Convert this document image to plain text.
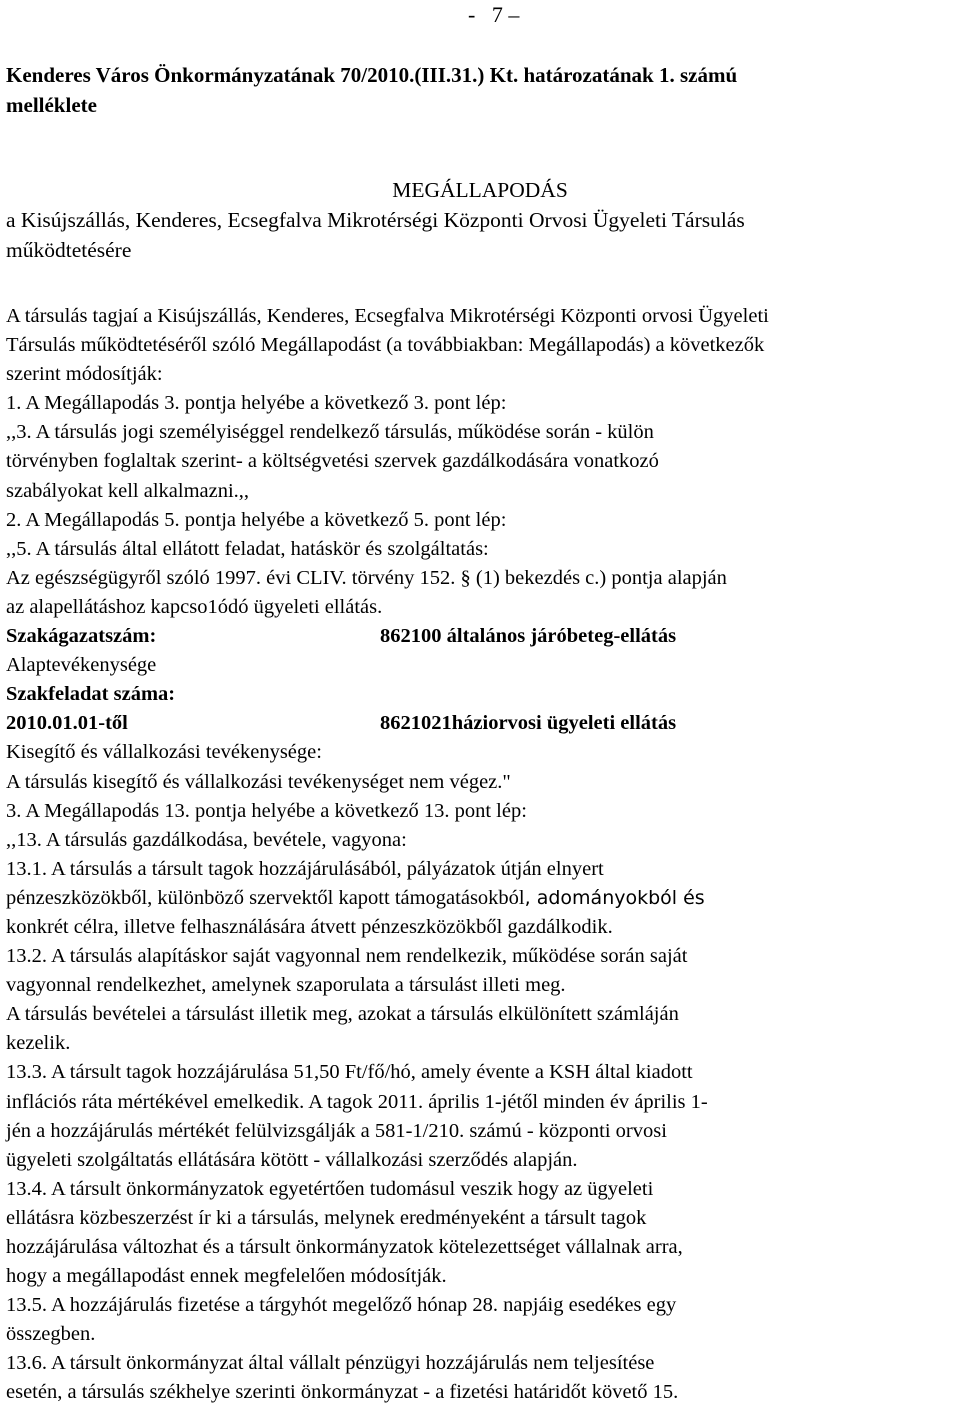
-   7 –
Kenderes Város Önkormányzatának 70/2010.(III.31.) Kt. határozatának 1. számú
melléklete
MEGÁLLAPODÁS
a Kisújszállás, Kenderes, Ecsegfalva Mikrotérségi Központi Orvosi Ügyeleti Társulás
működtetésére
A társulás tagjaí a Kisújszállás, Kenderes, Ecsegfalva Mikrotérségi Központi orvosi Ügyeleti
Társulás működtetéséről szóló Megállapodást (a továbbiakban: Megállapodás) a következők
szerint módosítják:
1. A Megállapodás 3. pontja helyébe a következő 3. pont lép:
,,3. A társulás jogi személyiséggel rendelkező társulás, működése során - külön
törvényben foglaltak szerint- a költségvetési szervek gazdálkodására vonatkozó
szabályokat kell alkalmazni.,,
2. A Megállapodás 5. pontja helyébe a következő 5. pont lép:
,,5. A társulás által ellátott feladat, hatáskör és szolgáltatás:
Az egészségügyről szóló 1997. évi CLIV. törvény 152. § (1) bekezdés c.) pontja alapján
az alapellátáshoz kapcso1ódó ügyeleti ellátás.
Szakágazatszám:	862100 általános járóbeteg-ellátás
Alaptevékenysége
Szakfeladat száma:
2010.01.01-től	8621021háziorvosi ügyeleti ellátás
Kisegítő és vállalkozási tevékenysége:
A társulás kisegítő és vállalkozási tevékenységet nem végez."
3. A Megállapodás 13. pontja helyébe a következő 13. pont lép:
,,13. A társulás gazdálkodása, bevétele, vagyona:
13.1. A társulás a társult tagok hozzájárulásából, pályázatok útján elnyert
pénzeszközökből, különböző szervektől kapott támogatásokból, adományokból és
konkrét célra, illetve felhasználására átvett pénzeszközökből gazdálkodik.
13.2. A társulás alapításkor saját vagyonnal nem rendelkezik, működése során saját
vagyonnal rendelkezhet, amelynek szaporulata a társulást illeti meg.
A társulás bevételei a társulást illetik meg, azokat a társulás elkülönített számláján
kezelik.
13.3. A társult tagok hozzájárulása 51,50 Ft/fő/hó, amely évente a KSH által kiadott
inflációs ráta mértékével emelkedik. A tagok 2011. április 1-jétől minden év április 1-
jén a hozzájárulás mértékét felülvizsgálják a 581-1/210. számú - központi orvosi
ügyeleti szolgáltatás ellátására kötött - vállalkozási szerződés alapján.
13.4. A társult önkormányzatok egyetértően tudomásul veszik hogy az ügyeleti
ellátásra közbeszerzést ír ki a társulás, melynek eredményeként a társult tagok
hozzájárulása változhat és a társult önkormányzatok kötelezettséget vállalnak arra,
hogy a megállapodást ennek megfelelően módosítják.
13.5. A hozzájárulás fizetése a tárgyhót megelőző hónap 28. napjáig esedékes egy
összegben.
13.6. A társult önkormányzat által vállalt pénzügyi hozzájárulás nem teljesítése
esetén, a társulás székhelye szerinti önkormányzat - a fizetési határidőt követő 15.
